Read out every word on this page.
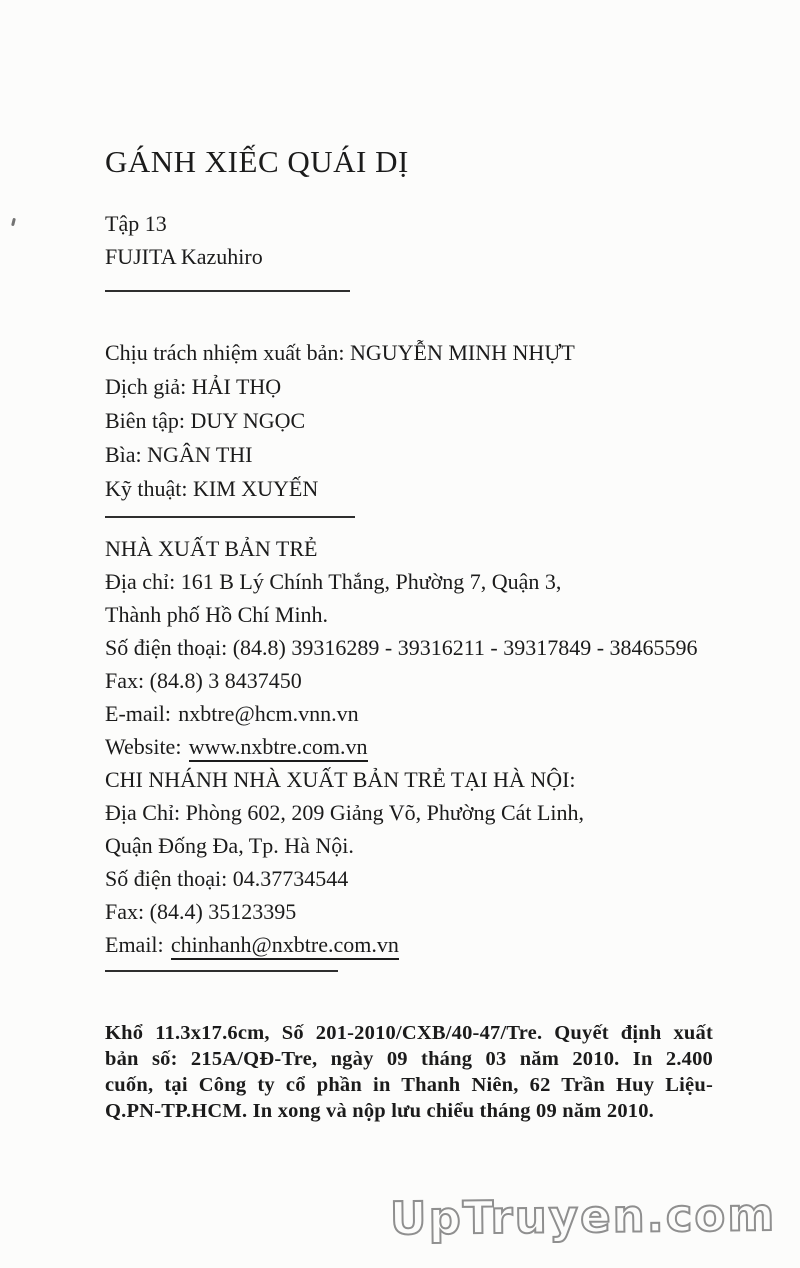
GÁNH XIẾC QUÁI DỊ
Tập 13
FUJITA Kazuhiro
Chịu trách nhiệm xuất bản: NGUYỄN MINH NHỰT
Dịch giả: HẢI THỌ
Biên tập: DUY NGỌC
Bìa: NGÂN THI
Kỹ thuật: KIM XUYẾN
NHÀ XUẤT BẢN TRẺ
Địa chỉ: 161 B Lý Chính Thắng, Phường 7, Quận 3,
Thành phố Hồ Chí Minh.
Số điện thoại: (84.8) 39316289 - 39316211 - 39317849 - 38465596
Fax: (84.8) 3 8437450
E-mail: nxbtre@hcm.vnn.vn
Website: www.nxbtre.com.vn
CHI NHÁNH NHÀ XUẤT BẢN TRẺ TẠI HÀ NỘI:
Địa Chỉ: Phòng 602, 209 Giảng Võ, Phường Cát Linh,
Quận Đống Đa, Tp. Hà Nội.
Số điện thoại: 04.37734544
Fax: (84.4) 35123395
Email: chinhanh@nxbtre.com.vn
Khổ 11.3x17.6cm, Số 201-2010/CXB/40-47/Tre. Quyết định xuất
bản số: 215A/QĐ-Tre, ngày 09 tháng 03 năm 2010. In 2.400
cuốn, tại Công ty cổ phần in Thanh Niên, 62 Trần Huy Liệu-
Q.PN-TP.HCM. In xong và nộp lưu chiểu tháng 09 năm 2010.
UpTruyen.com
